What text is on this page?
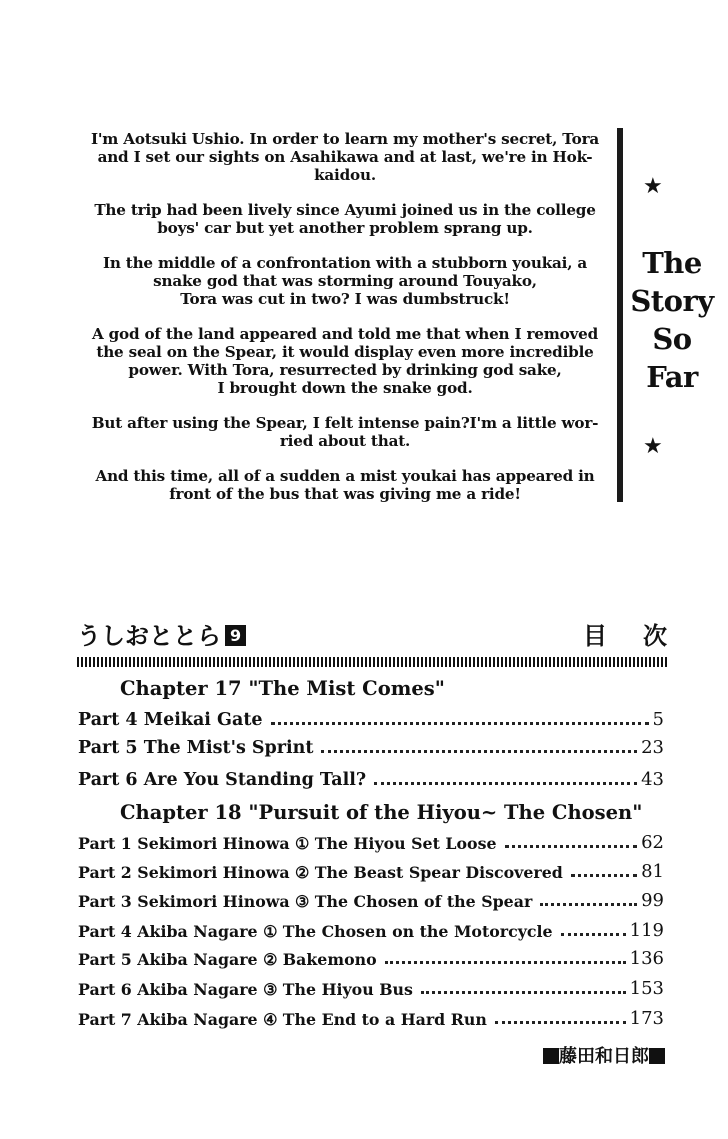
I'm Aotsuki Ushio. In order to learn my mother's secret, Tora
and I set our sights on Asahikawa and at last, we're in Hok-
kaidou.

The trip had been lively since Ayumi joined us in the college
boys' car but yet another problem sprang up.

In the middle of a confrontation with a stubborn youkai, a
snake god that was storming around Touyako,
Tora was cut in two? I was dumbstruck!

A god of the land appeared and told me that when I removed
the seal on the Spear, it would display even more incredible
power. With Tora, resurrected by drinking god sake,
I brought down the snake god.

But after using the Spear, I felt intense pain?I'm a little wor-
ried about that.

And this time, all of a sudden a mist youkai has appeared in
front of the bus that was giving me a ride!

★
The
Story
So
Far
★
うしおととら 9	目次
Chapter 17 "The Mist Comes"
Part 4 Meikai Gate	5
Part 5 The Mist's Sprint	23
Part 6 Are You Standing Tall?	43
Chapter 18 "Pursuit of the Hiyou~ The Chosen"
Part 1 Sekimori Hinowa ① The Hiyou Set Loose	62
Part 2 Sekimori Hinowa ② The Beast Spear Discovered	81
Part 3 Sekimori Hinowa ③ The Chosen of the Spear	99
Part 4 Akiba Nagare ① The Chosen on the Motorcycle	119
Part 5 Akiba Nagare ② Bakemono	136
Part 6 Akiba Nagare ③ The Hiyou Bus	153
Part 7 Akiba Nagare ④ The End to a Hard Run	173
藤田和日郎
